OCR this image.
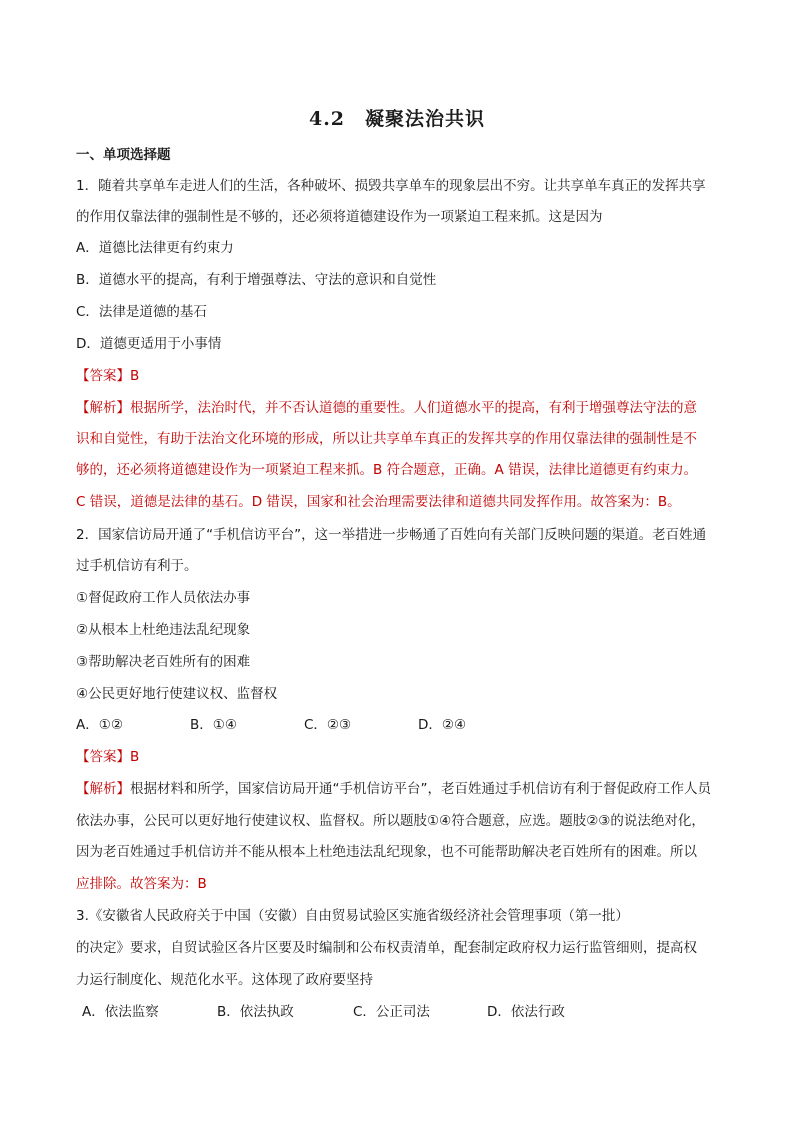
4.2　凝聚法治共识
一、单项选择题
1．随着共享单车走进人们的生活，各种破坏、损毁共享单车的现象层出不穷。让共享单车真正的发挥共享
的作用仅靠法律的强制性是不够的，还必须将道德建设作为一项紧迫工程来抓。这是因为
A．道德比法律更有约束力
B．道德水平的提高，有利于增强尊法、守法的意识和自觉性
C．法律是道德的基石
D．道德更适用于小事情
【答案】B
【解析】根据所学，法治时代，并不否认道德的重要性。人们道德水平的提高，有利于增强尊法守法的意
识和自觉性，有助于法治文化环境的形成，所以让共享单车真正的发挥共享的作用仅靠法律的强制性是不
够的，还必须将道德建设作为一项紧迫工程来抓。B 符合题意，正确。A 错误，法律比道德更有约束力。
C 错误，道德是法律的基石。D 错误，国家和社会治理需要法律和道德共同发挥作用。故答案为：B。
2．国家信访局开通了“手机信访平台”，这一举措进一步畅通了百姓向有关部门反映问题的渠道。老百姓通
过手机信访有利于。
①督促政府工作人员依法办事
②从根本上杜绝违法乱纪现象
③帮助解决老百姓所有的困难
④公民更好地行使建议权、监督权
A．①②	B．①④	C．②③	D．②④
【答案】B
【解析】根据材料和所学，国家信访局开通“手机信访平台”，老百姓通过手机信访有利于督促政府工作人员
依法办事，公民可以更好地行使建议权、监督权。所以题肢①④符合题意，应选。题肢②③的说法绝对化，
因为老百姓通过手机信访并不能从根本上杜绝违法乱纪现象，也不可能帮助解决老百姓所有的困难。所以
应排除。故答案为：B
3.《安徽省人民政府关于中国（安徽）自由贸易试验区实施省级经济社会管理事项（第一批）
的决定》要求，自贸试验区各片区要及时编制和公布权责清单，配套制定政府权力运行监管细则，提高权
力运行制度化、规范化水平。这体现了政府要坚持
A．依法监察	B．依法执政	C．公正司法	D．依法行政
